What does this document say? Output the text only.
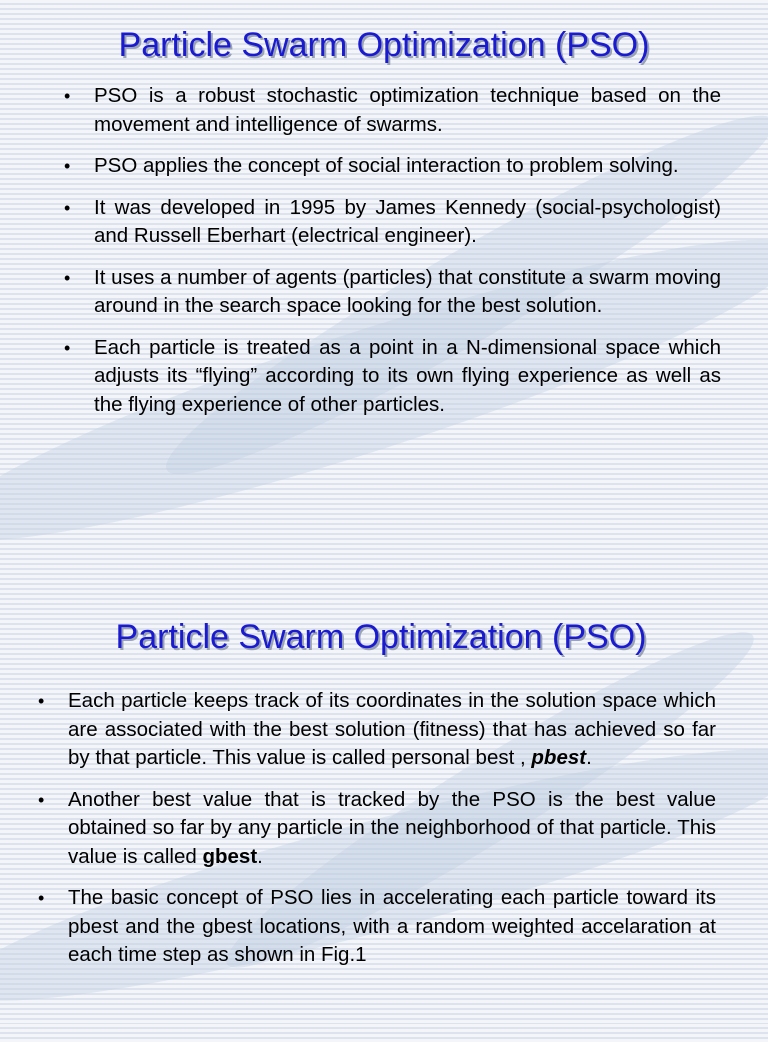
Particle Swarm Optimization (PSO)
• PSO is a robust stochastic optimization technique based on the movement and intelligence of swarms.
• PSO applies the concept of social interaction to problem solving.
• It was developed in 1995 by James Kennedy (social-psychologist) and Russell Eberhart (electrical engineer).
• It uses a number of agents (particles) that constitute a swarm moving around in the search space looking for the best solution.
• Each particle is treated as a point in a N-dimensional space which adjusts its “flying” according to its own flying experience as well as the flying experience of other particles.
Particle Swarm Optimization (PSO)
• Each particle keeps track of its coordinates in the solution space which are associated with the best solution (fitness) that has achieved so far by that particle. This value is called personal best , pbest.
• Another best value that is tracked by the PSO is the best value obtained so far by any particle in the neighborhood of that particle. This value is called gbest.
• The basic concept of PSO lies in accelerating each particle toward its pbest and the gbest locations, with a random weighted accelaration at each time step as shown in Fig.1
